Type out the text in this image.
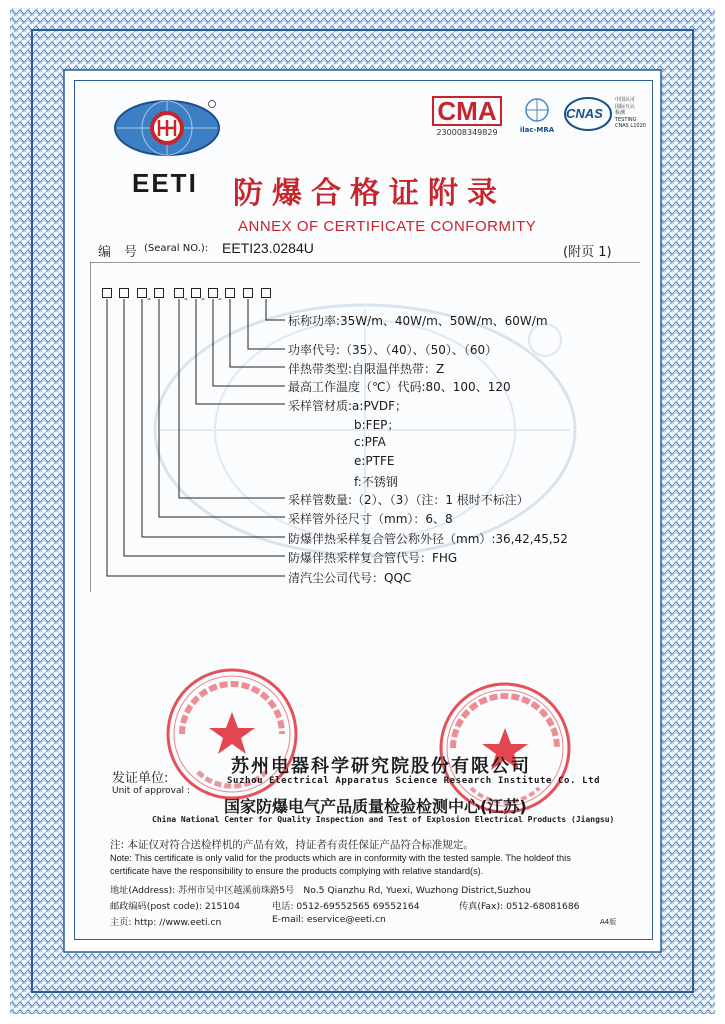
EETI
CMA
230008349829	ilac-MRA
CNAS
中国认可
国际互认
检测
TESTING
CNAS L1020
防爆合格证附录
ANNEX OF CERTIFICATE CONFORMITY
编　号 (Searal NO.): EETI23.0284U	(附页 1)
-	- - -
标称功率:35W/m、40W/m、50W/m、60W/m
功率代号:（35）、（40）、（50）、（60）
伴热带类型:自限温伴热带：Z
最高工作温度（℃）代码:80、100、120
采样管材质:a:PVDF；
b:FEP；
c:PFA
e:PTFE
f:不锈钢
采样管数量:（2）、（3）（注：1 根时不标注）
采样管外径尺寸（mm）：6、8
防爆伴热采样复合管公称外径（mm）:36,42,45,52
防爆伴热采样复合管代号：FHG
清汽尘公司代号：QQC
发证单位:
Unit of approval :
苏州电器科学研究院股份有限公司
Suzhou Electrical Apparatus Science Research Institute Co. Ltd
国家防爆电气产品质量检验检测中心(江苏)
China National Center for Quality Inspection and Test of Explosion Electrical Products (Jiangsu)
注: 本证仅对符合送检样机的产品有效，持证者有责任保证产品符合标准规定。
Note: This certificate is only valid for the products which are in conformity with the tested sample. The holdeof this
certificate have the responsibility to ensure the products complying with relative standard(s).
地址(Address): 苏州市吴中区越溪前珠路5号　No.5 Qianzhu Rd, Yuexi, Wuzhong District,Suzhou
邮政编码(post code): 215104	电话: 0512-69552565 69552164	传真(Fax): 0512-68081686
主页: http: //www.eeti.cn	E-mail: eservice@eeti.cn	A4版
